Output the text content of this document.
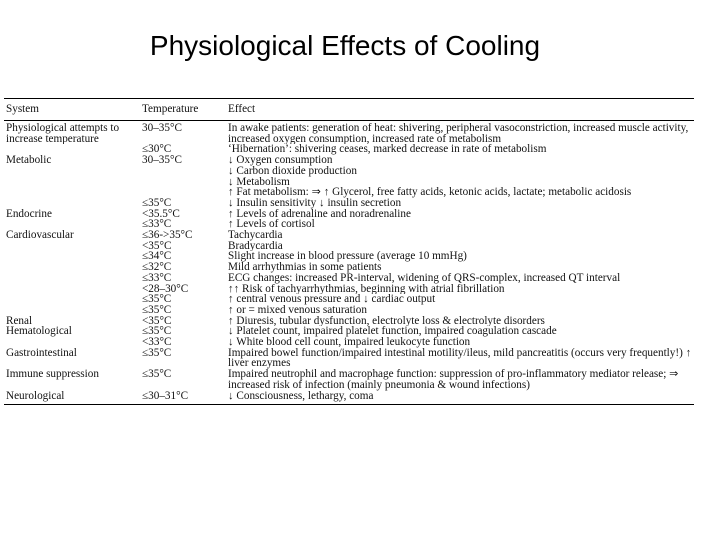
Physiological Effects of Cooling
System	Temperature	Effect
Physiological attempts to increase temperature	30–35°C	In awake patients: generation of heat: shivering, peripheral vasoconstriction, increased muscle activity, increased oxygen consumption, increased rate of metabolism
	≤30°C	‘Hibernation’: shivering ceases, marked decrease in rate of metabolism
Metabolic	30–35°C	↓ Oxygen consumption
		↓ Carbon dioxide production
		↓ Metabolism
		↑ Fat metabolism: ⇒ ↑ Glycerol, free fatty acids, ketonic acids, lactate; metabolic acidosis
	≤35°C	↓ Insulin sensitivity ↓ insulin secretion
Endocrine	<35.5°C	↑ Levels of adrenaline and noradrenaline
	≤33°C	↑ Levels of cortisol
Cardiovascular	≤36->35°C	Tachycardia
	<35°C	Bradycardia
	≤34°C	Slight increase in blood pressure (average 10 mmHg)
	≤32°C	Mild arrhythmias in some patients
	≤33°C	ECG changes: increased PR-interval, widening of QRS-complex, increased QT interval
	<28–30°C	↑↑ Risk of tachyarrhythmias, beginning with atrial fibrillation
	≤35°C	↑ central venous pressure and ↓ cardiac output
	≤35°C	↑ or = mixed venous saturation
Renal	<35°C	↑ Diuresis, tubular dysfunction, electrolyte loss & electrolyte disorders
Hematological	≤35°C	↓ Platelet count, impaired platelet function, impaired coagulation cascade
	<33°C	↓ White blood cell count, impaired leukocyte function
Gastrointestinal	≤35°C	Impaired bowel function/impaired intestinal motility/ileus, mild pancreatitis (occurs very frequently!) ↑ liver enzymes
Immune suppression	≤35°C	Impaired neutrophil and macrophage function: suppression of pro-inflammatory mediator release; ⇒ increased risk of infection (mainly pneumonia & wound infections)
Neurological	≤30–31°C	↓ Consciousness, lethargy, coma
